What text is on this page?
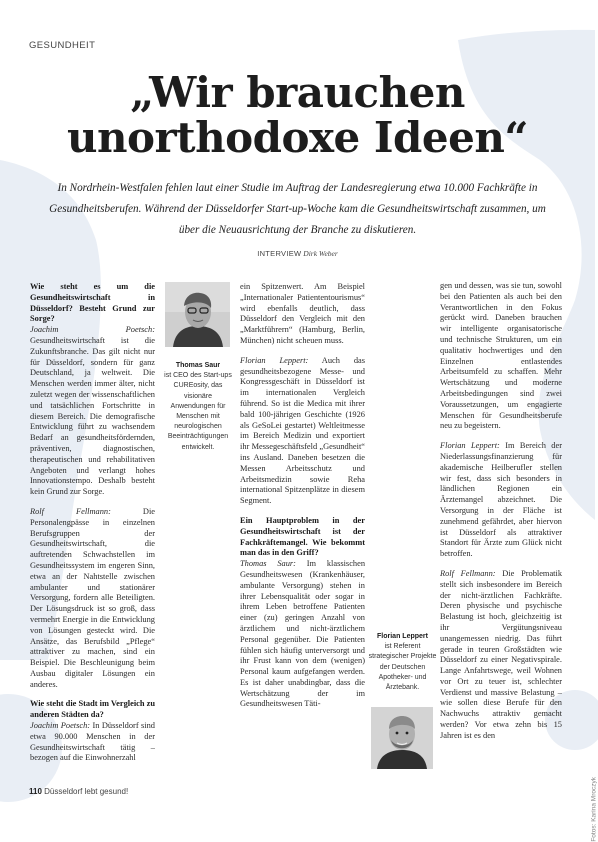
GESUNDHEIT
„Wir brauchen
unorthodoxe Ideen“

In Nordrhein-Westfalen fehlen laut einer Studie im Auftrag der Landesregierung etwa 10.000 Fachkräfte in Gesundheitsberufen. Während der Düsseldorfer Start-up-Woche kam die Gesundheitswirtschaft zusammen, um über die Neuausrichtung der Branche zu diskutieren.

INTERVIEW Dirk Weber

Wie steht es um die Gesundheitswirtschaft in Düsseldorf? Besteht Grund zur Sorge?
Joachim Poetsch: Gesundheitswirtschaft ist die Zukunftsbranche. Das gilt nicht nur für Düsseldorf, sondern für ganz Deutschland, ja weltweit. Die Menschen werden immer älter, nicht zuletzt wegen der wissenschaftlichen und tatsächlichen Fortschritte in diesem Bereich. Die demografische Entwicklung führt zu wachsendem Bedarf an gesundheitsfördernden, präventiven, diagnostischen, therapeutischen und rehabilitativen Angeboten und verlangt hohes Innovationstempo. Deshalb besteht kein Grund zur Sorge.

Rolf Fellmann: Die Personalengpässe in einzelnen Berufsgruppen der Gesundheitswirtschaft, die auftretenden Schwachstellen im Gesundheitssystem im engeren Sinn, etwa an der Nahtstelle zwischen ambulanter und stationärer Versorgung, fordern alle Beteiligten. Der Lösungsdruck ist so groß, dass vermehrt Energie in die Entwicklung von Lösungen gesteckt wird. Die Ansätze, das Berufsbild „Pflege“ attraktiver zu machen, sind ein Beispiel. Die Beschleunigung beim Ausbau digitaler Lösungen ein anderes.

Wie steht die Stadt im Vergleich zu anderen Städten da?
Joachim Poetsch: In Düsseldorf sind etwa 90.000 Menschen in der Gesundheitswirtschaft tätig – bezogen auf die Einwohnerzahl

Thomas Saur
ist CEO des Start-ups CUREosity, das visionäre Anwendungen für Menschen mit neurologischen Beeinträchtigungen entwickelt.

ein Spitzenwert. Am Beispiel „Internationaler Patiententourismus“ wird ebenfalls deutlich, dass Düsseldorf den Vergleich mit den „Marktführern“ (Hamburg, Berlin, München) nicht scheuen muss.

Florian Leppert: Auch das gesundheitsbezogene Messe- und Kongressgeschäft in Düsseldorf ist im internationalen Vergleich führend. So ist die Medica mit ihrer bald 100-jährigen Geschichte (1926 als GeSoLei gestartet) Weltleitmesse im Bereich Medizin und exportiert ihr Messegeschäftsfeld „Gesundheit“ ins Ausland. Daneben besetzen die Messen Arbeitsschutz und Arbeitsmedizin sowie Reha international Spitzenplätze in diesem Segment.

Ein Hauptproblem in der Gesundheitswirtschaft ist der Fachkräftemangel. Wie bekommt man das in den Griff?
Thomas Saur: Im klassischen Gesundheitswesen (Krankenhäuser, ambulante Versorgung) stehen in ihrer Lebensqualität oder sogar in ihrem Leben betroffene Patienten einer (zu) geringen Anzahl von ärztlichem und nicht-ärztlichem Personal gegenüber. Die Patienten fühlen sich häufig unterversorgt und ihr Frust kann von dem (wenigen) Personal kaum aufgefangen werden. Es ist daher unabdingbar, dass die Wertschätzung der im Gesundheitswesen Täti-

Florian Leppert
ist Referent strategischer Projekte der Deutschen Apotheker- und Ärztebank.

gen und dessen, was sie tun, sowohl bei den Patienten als auch bei den Verantwortlichen in den Fokus gerückt wird. Daneben brauchen wir intelligente organisatorische und technische Strukturen, um ein qualitativ hochwertiges und den Einzelnen entlastendes Arbeitsumfeld zu schaffen. Mehr Wertschätzung und moderne Arbeitsbedingungen sind zwei Voraussetzungen, um engagierte Menschen für Gesundheitsberufe neu zu begeistern.

Florian Leppert: Im Bereich der Niederlassungsfinanzierung für akademische Heilberufler stellen wir fest, dass sich besonders in ländlichen Regionen ein Ärztemangel abzeichnet. Die Versorgung in der Fläche ist zunehmend gefährdet, aber hiervon ist Düsseldorf als attraktiver Standort für Ärzte zum Glück nicht betroffen.

Rolf Fellmann: Die Problematik stellt sich insbesondere im Bereich der nicht-ärztlichen Fachkräfte. Deren physische und psychische Belastung ist hoch, gleichzeitig ist ihr Vergütungsniveau unangemessen niedrig. Das führt gerade in teuren Großstädten wie Düsseldorf zu einer Negativspirale. Lange Anfahrtswege, weil Wohnen vor Ort zu teuer ist, schlechter Verdienst und massive Belastung – wie sollen diese Berufe für den Nachwuchs attraktiv gemacht werden? Vor etwa zehn bis 15 Jahren ist es den

110 Düsseldorf lebt gesund!	Fotos: Karina Mroczyk
